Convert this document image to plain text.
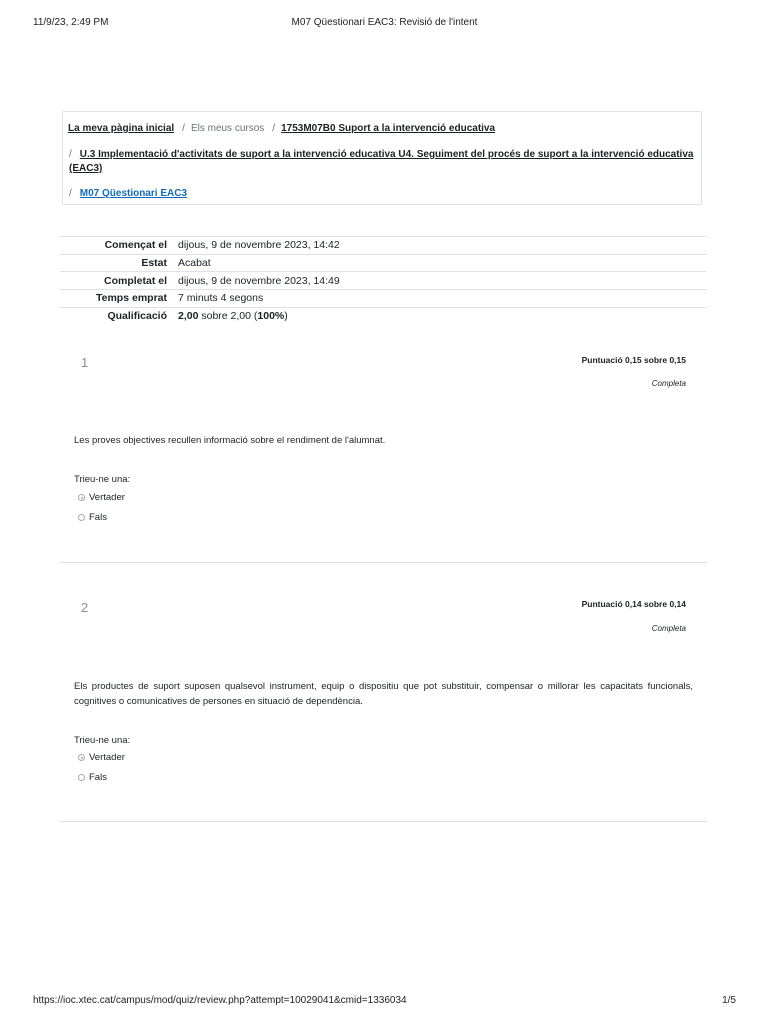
11/9/23, 2:49 PM	M07 Qüestionari EAC3: Revisió de l'intent
La meva pàgina inicial / Els meus cursos / 1753M07B0 Suport a la intervenció educativa
/ U.3 Implementació d'activitats de suport a la intervenció educativa U4. Seguiment del procés de suport a la intervenció educativa (EAC3)
/ M07 Qüestionari EAC3
Començat el	dijous, 9 de novembre 2023, 14:42
Estat	Acabat
Completat el	dijous, 9 de novembre 2023, 14:49
Temps emprat	7 minuts 4 segons
Qualificació	2,00 sobre 2,00 (100%)
1	Puntuació 0,15 sobre 0,15
Completa
Les proves objectives recullen informació sobre el rendiment de l'alumnat.
Trieu-ne una:
Vertader
Fals
2	Puntuació 0,14 sobre 0,14
Completa
Els productes de suport suposen qualsevol instrument, equip o dispositiu que pot substituir, compensar o millorar les capacitats funcionals, cognitives o comunicatives de persones en situació de dependència.
Trieu-ne una:
Vertader
Fals
https://ioc.xtec.cat/campus/mod/quiz/review.php?attempt=10029041&cmid=1336034	1/5
